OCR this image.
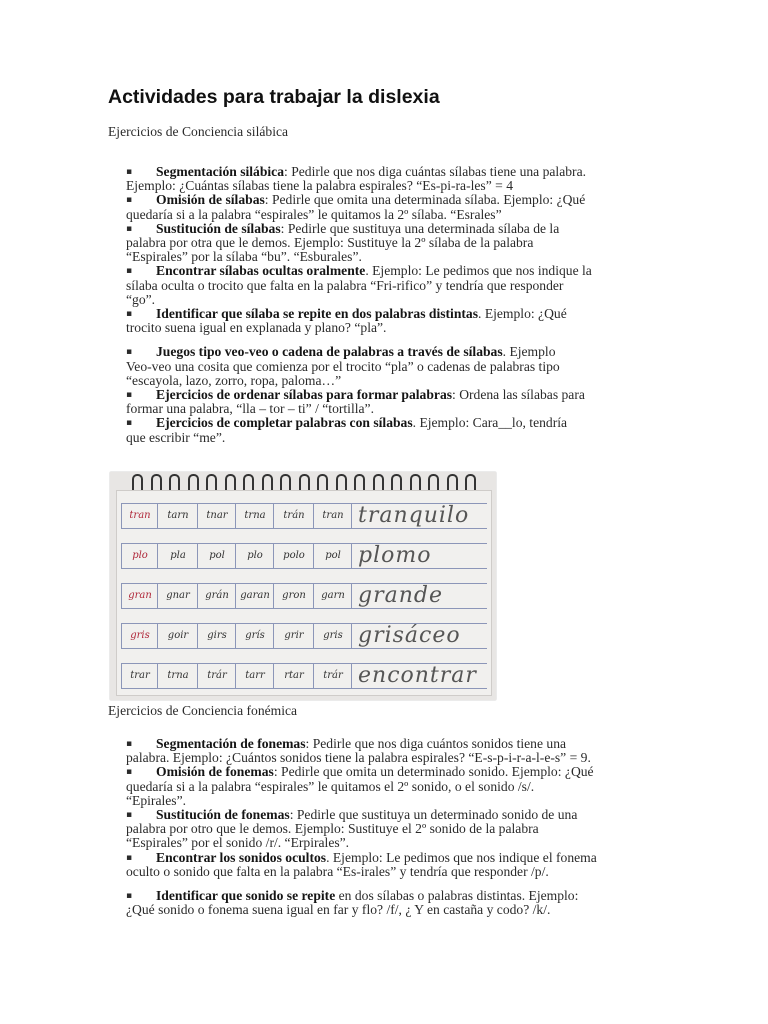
Actividades para trabajar la dislexia

Ejercicios de Conciencia silábica

▪	Segmentación silábica: Pedirle que nos diga cuántas sílabas tiene una palabra.
Ejemplo: ¿Cuántas sílabas tiene la palabra espirales? “Es-pi-ra-les” = 4
▪	Omisión de sílabas: Pedirle que omita una determinada sílaba. Ejemplo: ¿Qué
quedaría si a la palabra “espirales” le quitamos la 2º sílaba. “Esrales”
▪	Sustitución de sílabas: Pedirle que sustituya una determinada sílaba de la
palabra por otra que le demos. Ejemplo: Sustituye la 2º sílaba de la palabra
“Espirales” por la sílaba “bu”. “Esburales”.
▪	Encontrar sílabas ocultas oralmente. Ejemplo: Le pedimos que nos indique la
sílaba oculta o trocito que falta en la palabra “Fri-rifico” y tendría que responder
“go”.
▪	Identificar que sílaba se repite en dos palabras distintas. Ejemplo: ¿Qué
trocito suena igual en explanada y plano? “pla”.
▪	Juegos tipo veo-veo o cadena de palabras a través de sílabas. Ejemplo
Veo-veo una cosita que comienza por el trocito “pla” o cadenas de palabras tipo
“escayola, lazo, zorro, ropa, paloma…”
▪	Ejercicios de ordenar sílabas para formar palabras: Ordena las sílabas para
formar una palabra, “lla – tor – ti” / “tortilla”.
▪	Ejercicios de completar palabras con sílabas. Ejemplo: Cara__lo, tendría
que escribir “me”.
tran	tarn	tnar	trna	trán	tran tranquilo
plo	pla	pol	plo	polo	pol plomo
gran	gnar	grán	garan	gron	garn grande
gris	goir	girs	grís	grir	gris grisáceo
trar	trna	trár	tarr	rtar	trár encontrar

Ejercicios de Conciencia fonémica

▪	Segmentación de fonemas: Pedirle que nos diga cuántos sonidos tiene una
palabra. Ejemplo: ¿Cuántos sonidos tiene la palabra espirales? “E-s-p-i-r-a-l-e-s” = 9.
▪	Omisión de fonemas: Pedirle que omita un determinado sonido. Ejemplo: ¿Qué
quedaría si a la palabra “espirales” le quitamos el 2º sonido, o el sonido /s/.
“Epirales”.
▪	Sustitución de fonemas: Pedirle que sustituya un determinado sonido de una
palabra por otro que le demos. Ejemplo: Sustituye el 2º sonido de la palabra
“Espirales” por el sonido /r/. “Erpirales”.
▪	Encontrar los sonidos ocultos. Ejemplo: Le pedimos que nos indique el fonema
oculto o sonido que falta en la palabra “Es-irales” y tendría que responder /p/.
▪	Identificar que sonido se repite en dos sílabas o palabras distintas. Ejemplo:
¿Qué sonido o fonema suena igual en far y flo? /f/, ¿ Y en castaña y codo? /k/.
